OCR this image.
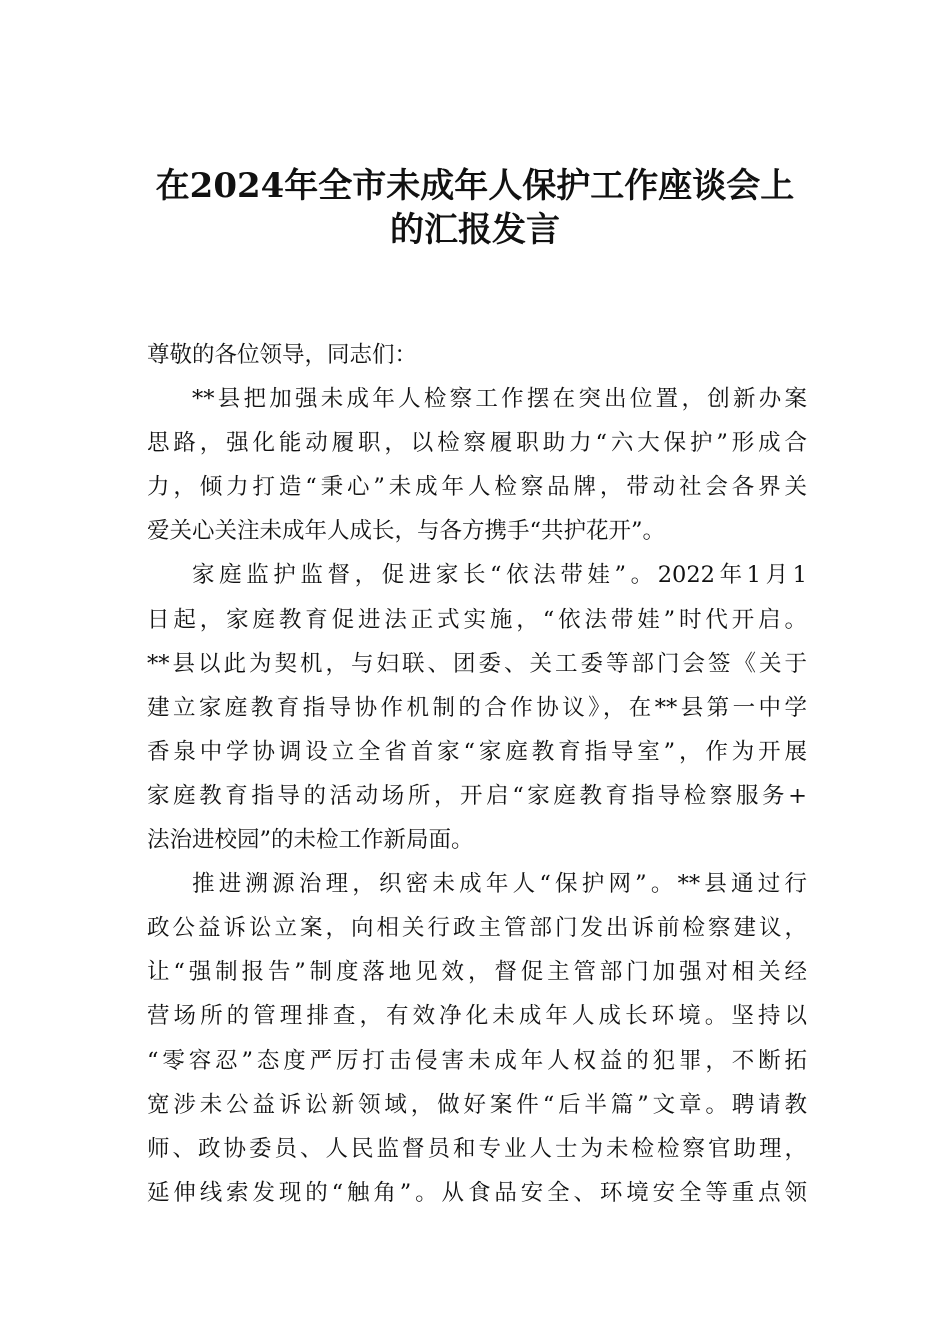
在2024年全市未成年人保护工作座谈会上
的汇报发言
尊敬的各位领导，同志们：
**县把加强未成年人检察工作摆在突出位置，创新办案
思路，强化能动履职，以检察履职助力“六大保护”形成合
力，倾力打造“秉心”未成年人检察品牌，带动社会各界关
爱关心关注未成年人成长，与各方携手“共护花开”。
家庭监护监督，促进家长“依法带娃”。2022年1月1
日起，家庭教育促进法正式实施，“依法带娃”时代开启。
**县以此为契机，与妇联、团委、关工委等部门会签《关于
建立家庭教育指导协作机制的合作协议》，在**县第一中学
香泉中学协调设立全省首家“家庭教育指导室”，作为开展
家庭教育指导的活动场所，开启“家庭教育指导检察服务+
法治进校园”的未检工作新局面。
推进溯源治理，织密未成年人“保护网”。**县通过行
政公益诉讼立案，向相关行政主管部门发出诉前检察建议，
让“强制报告”制度落地见效，督促主管部门加强对相关经
营场所的管理排查，有效净化未成年人成长环境。坚持以
“零容忍”态度严厉打击侵害未成年人权益的犯罪，不断拓
宽涉未公益诉讼新领域，做好案件“后半篇”文章。聘请教
师、政协委员、人民监督员和专业人士为未检检察官助理，
延伸线索发现的“触角”。从食品安全、环境安全等重点领
